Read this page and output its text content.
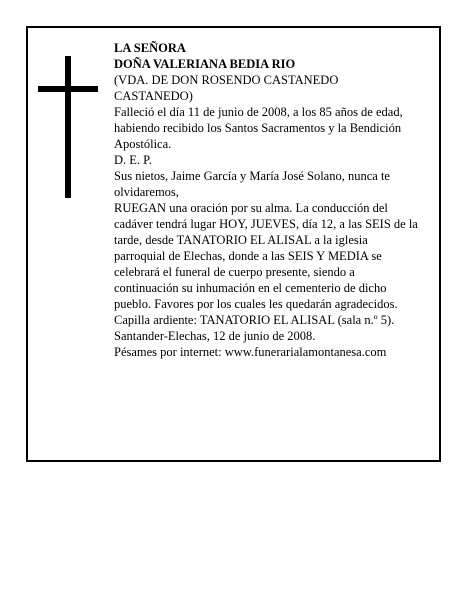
LA SEÑORA

DOÑA VALERIANA BEDIA RIO

(VDA. DE DON ROSENDO CASTANEDO CASTANEDO)

Falleció el día 11 de junio de 2008, a los 85 años de edad,

habiendo recibido los Santos Sacramentos y la Bendición Apostólica.

D. E. P.

Sus nietos, Jaime García y María José Solano, nunca te olvidaremos,

RUEGAN una oración por su alma. La conducción del cadáver tendrá lugar HOY, JUEVES, día 12, a las SEIS de la tarde, desde TANATORIO EL ALISAL a la iglesia parroquial de Elechas, donde a las SEIS Y MEDIA se celebrará el funeral de cuerpo presente, siendo a continuación su inhumación en el cementerio de dicho pueblo. Favores por los cuales les quedarán agradecidos. Capilla ardiente: TANATORIO EL ALISAL (sala n.º 5).

Santander-Elechas, 12 de junio de 2008.

Pésames por internet: www.funerarialamontanesa.com
